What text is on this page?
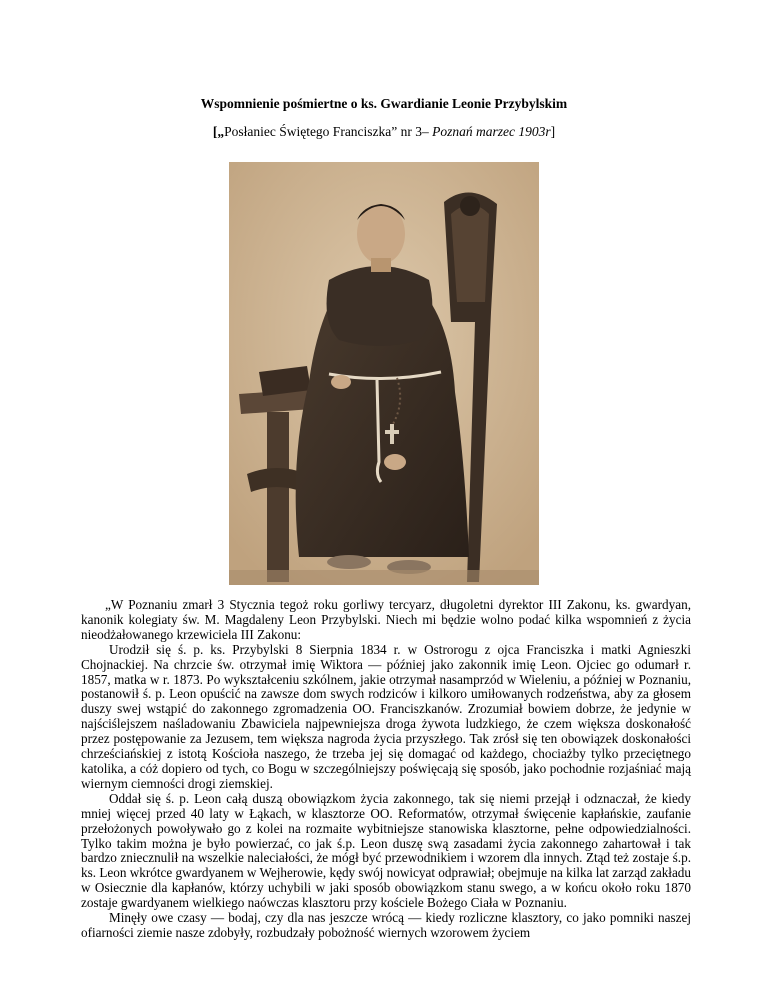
Wspomnienie pośmiertne o ks. Gwardianie Leonie Przybylskim
[„Posłaniec Świętego Franciszka” nr 3– Poznań marzec 1903r]

„W Poznaniu zmarł 3 Stycznia tegoż roku gorliwy tercyarz, długoletni dyrektor III Zakonu, ks. gwardyan, kanonik kolegiaty św. M. Magdaleny Leon Przybylski. Niech mi będzie wolno podać kilka wspomnień z życia nieodżałowanego krzewiciela III Zakonu:

Urodził się ś. p. ks. Przybylski 8 Sierpnia 1834 r. w Ostrorogu z ojca Franciszka i matki Agnieszki Chojnackiej. Na chrzcie św. otrzymał imię Wiktora — później jako zakonnik imię Leon. Ojciec go odumarł r. 1857, matka w r. 1873. Po wykształceniu szkólnem, jakie otrzymał nasamprzód w Wieleniu, a później w Poznaniu, postanowił ś. p. Leon opuścić na zawsze dom swych rodziców i kilkoro umiłowanych rodzeństwa, aby za głosem duszy swej wstąpić do zakonnego zgromadzenia OO. Franciszkanów. Zrozumiał bowiem dobrze, że jedynie w najściślejszem naśladowaniu Zbawiciela najpewniejsza droga żywota ludzkiego, że czem większa doskonałość przez postępowanie za Jezusem, tem większa nagroda życia przyszłego. Tak zrósł się ten obowiązek doskonałości chrześciańskiej z istotą Kościoła naszego, że trzeba jej się domagać od każdego, chociażby tylko przeciętnego katolika, a cóż dopiero od tych, co Bogu w szczególniejszy poświęcają się sposób, jako pochodnie rozjaśniać mają wiernym ciemności drogi ziemskiej.

Oddał się ś. p. Leon całą duszą obowiązkom życia zakonnego, tak się niemi przejął i odznaczał, że kiedy mniej więcej przed 40 laty w Łąkach, w klasztorze OO. Reformatów, otrzymał święcenie kapłańskie, zaufanie przełożonych powoływało go z kolei na rozmaite wybitniejsze stanowiska klasztorne, pełne odpowiedzialności. Tylko takim można je było powierzać, co jak ś.p. Leon duszę swą zasadami życia zakonnego zahartował i tak bardzo zniecznulił na wszelkie naleciałości, że mógł być przewodnikiem i wzorem dla innych. Ztąd też zostaje ś.p. ks. Leon wkrótce gwardyanem w Wejherowie, kędy swój nowicyat odprawiał; obejmuje na kilka lat zarząd zakładu w Osiecznie dla kapłanów, którzy uchybili w jaki sposób obowiązkom stanu swego, a w końcu około roku 1870 zostaje gwardyanem wielkiego naówczas klasztoru przy kościele Bożego Ciała w Poznaniu.

Minęły owe czasy — bodaj, czy dla nas jeszcze wrócą — kiedy rozliczne klasztory, co jako pomniki naszej ofiarności ziemie nasze zdobyły, rozbudzały pobożność wiernych wzorowem życiem
